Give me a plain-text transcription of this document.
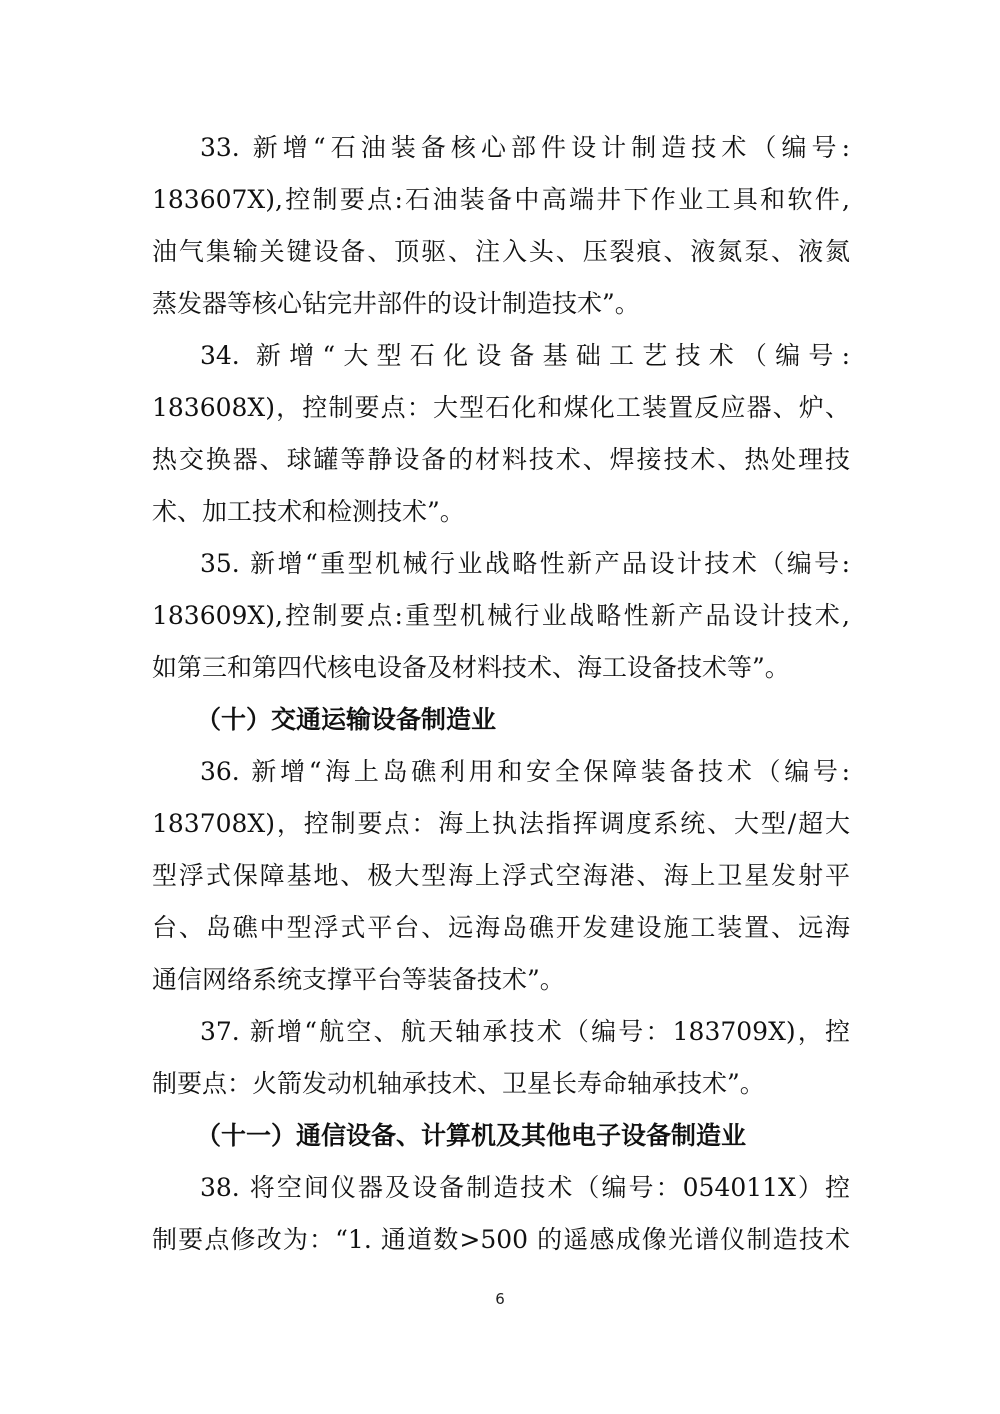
33. 新增“石油装备核心部件设计制造技术（编号:
183607X),控制要点:石油装备中高端井下作业工具和软件,
油气集输关键设备、顶驱、注入头、压裂痕、液氮泵、液氮
蒸发器等核心钻完井部件的设计制造技术”。
34. 新增“大型石化设备基础工艺技术（编号:
183608X)，控制要点：大型石化和煤化工装置反应器、炉、
热交换器、球罐等静设备的材料技术、焊接技术、热处理技
术、加工技术和检测技术”。
35. 新增“重型机械行业战略性新产品设计技术（编号:
183609X),控制要点:重型机械行业战略性新产品设计技术,
如第三和第四代核电设备及材料技术、海工设备技术等”。
（十）交通运输设备制造业
36. 新增“海上岛礁利用和安全保障装备技术（编号:
183708X)，控制要点：海上执法指挥调度系统、大型/超大
型浮式保障基地、极大型海上浮式空海港、海上卫星发射平
台、岛礁中型浮式平台、远海岛礁开发建设施工装置、远海
通信网络系统支撑平台等装备技术”。
37. 新增“航空、航天轴承技术（编号：183709X)，控
制要点：火箭发动机轴承技术、卫星长寿命轴承技术”。
（十一）通信设备、计算机及其他电子设备制造业
38. 将空间仪器及设备制造技术（编号：054011X）控
制要点修改为：“1. 通道数>500 的遥感成像光谱仪制造技术
6
